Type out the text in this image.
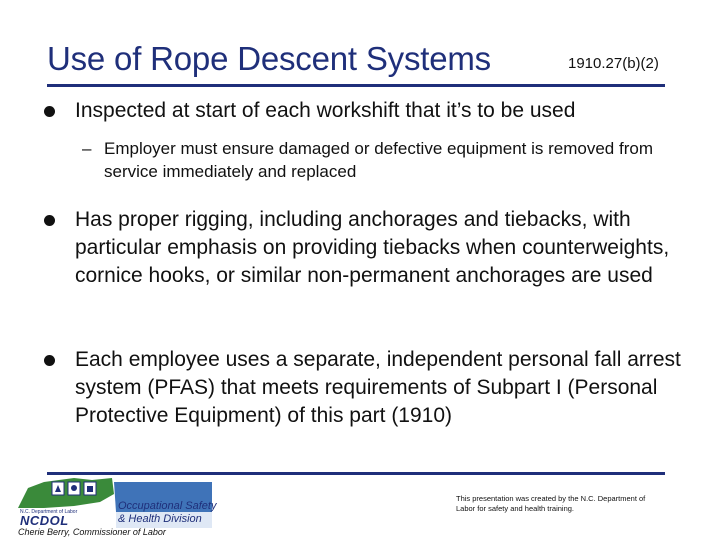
Use of Rope Descent Systems	1910.27(b)(2)
Inspected at start of each workshift that it’s to be used
– Employer must ensure damaged or defective equipment is removed from service immediately and replaced
Has proper rigging, including anchorages and tiebacks, with particular emphasis on providing tiebacks when counterweights, cornice hooks, or similar non-permanent anchorages are used
Each employee uses a separate, independent personal fall arrest system (PFAS) that meets requirements of Subpart I (Personal Protective Equipment) of this part (1910)
N.C. Department of Labor
NCDOL
Occupational Safety
& Health Division
Cherie Berry, Commissioner of Labor
This presentation was created by the N.C. Department of Labor for safety and health training.
